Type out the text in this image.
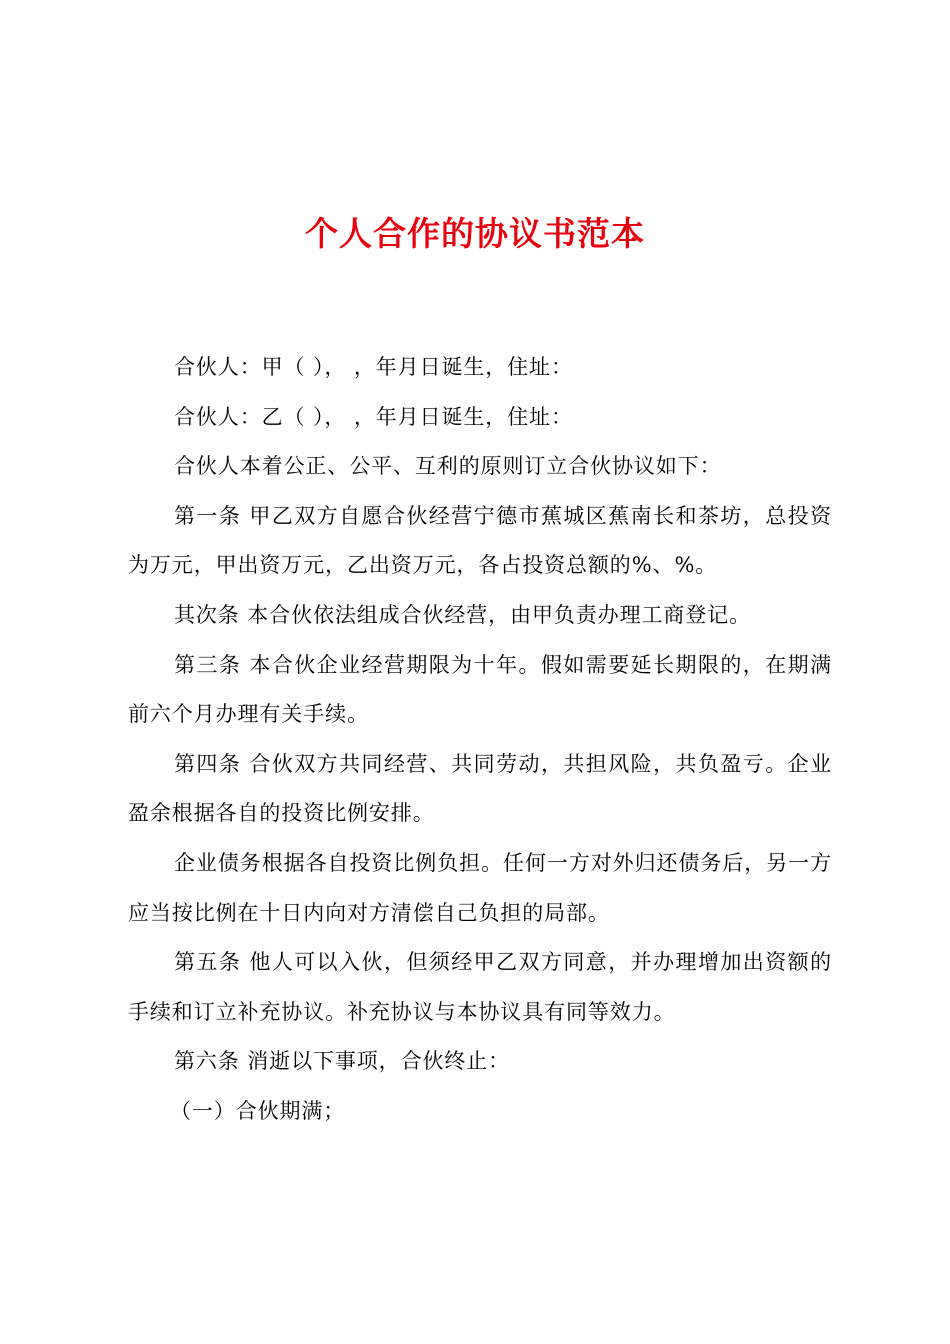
个人合作的协议书范本

合伙人：甲（ ）， ，年月日诞生，住址：

合伙人：乙（ ）， ，年月日诞生，住址：

合伙人本着公正、公平、互利的原则订立合伙协议如下：

第一条 甲乙双方自愿合伙经营宁德市蕉城区蕉南长和茶坊，总投资为万元，甲出资万元，乙出资万元，各占投资总额的%、%。

其次条 本合伙依法组成合伙经营，由甲负责办理工商登记。

第三条 本合伙企业经营期限为十年。假如需要延长期限的，在期满前六个月办理有关手续。

第四条 合伙双方共同经营、共同劳动，共担风险，共负盈亏。企业盈余根据各自的投资比例安排。

企业债务根据各自投资比例负担。任何一方对外归还债务后，另一方应当按比例在十日内向对方清偿自己负担的局部。

第五条 他人可以入伙，但须经甲乙双方同意，并办理增加出资额的手续和订立补充协议。补充协议与本协议具有同等效力。

第六条 消逝以下事项，合伙终止：

（一）合伙期满；
